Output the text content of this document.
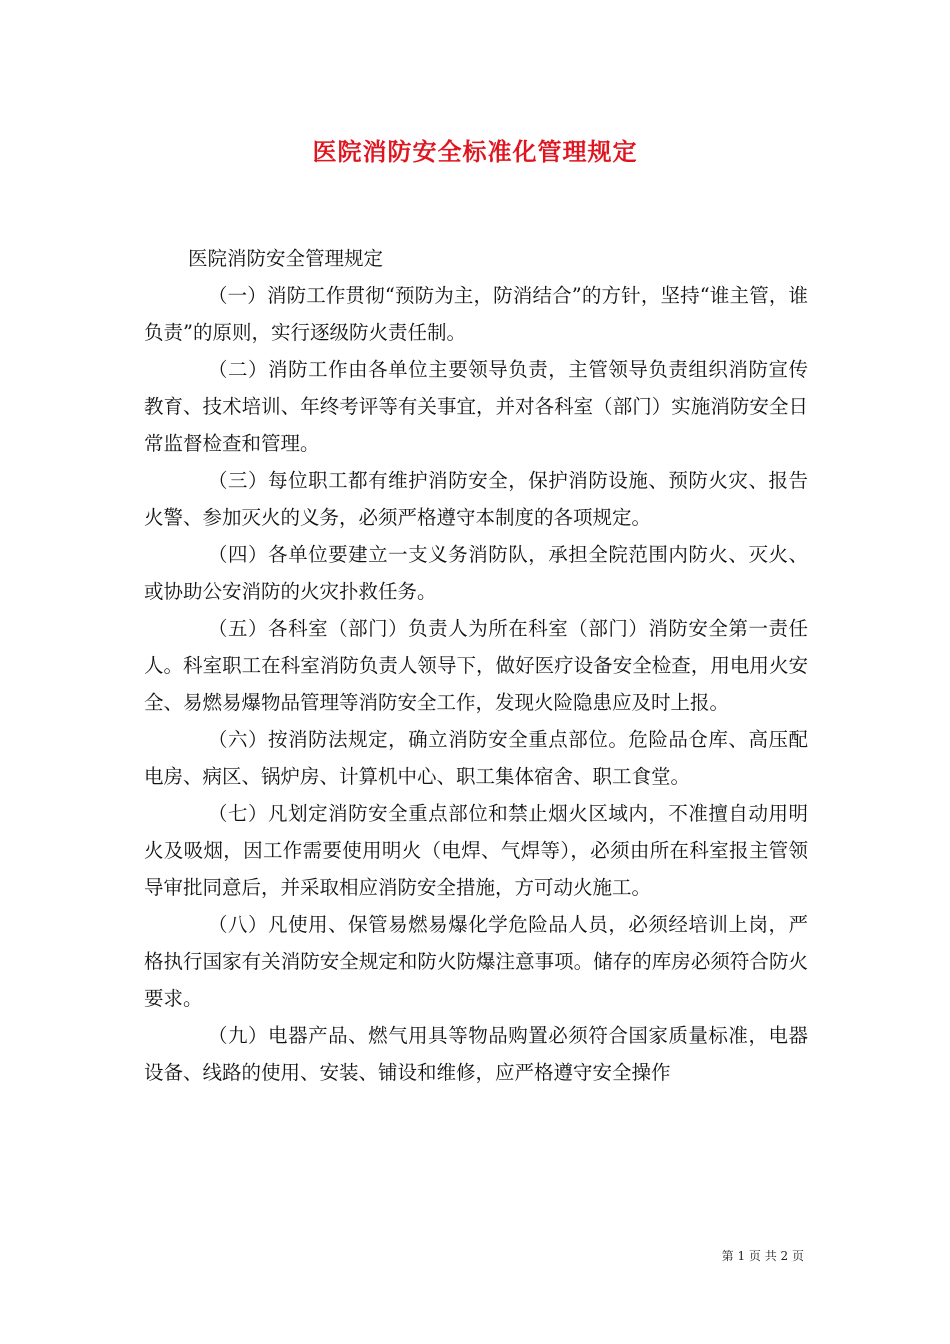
医院消防安全标准化管理规定

医院消防安全管理规定

（一）消防工作贯彻“预防为主，防消结合”的方针，坚持“谁主管，谁负责”的原则，实行逐级防火责任制。

（二）消防工作由各单位主要领导负责，主管领导负责组织消防宣传教育、技术培训、年终考评等有关事宜，并对各科室（部门）实施消防安全日常监督检查和管理。

（三）每位职工都有维护消防安全，保护消防设施、预防火灾、报告火警、参加灭火的义务，必须严格遵守本制度的各项规定。

（四）各单位要建立一支义务消防队，承担全院范围内防火、灭火、或协助公安消防的火灾扑救任务。

（五）各科室（部门）负责人为所在科室（部门）消防安全第一责任人。科室职工在科室消防负责人领导下，做好医疗设备安全检查，用电用火安全、易燃易爆物品管理等消防安全工作，发现火险隐患应及时上报。

（六）按消防法规定，确立消防安全重点部位。危险品仓库、高压配电房、病区、锅炉房、计算机中心、职工集体宿舍、职工食堂。

（七）凡划定消防安全重点部位和禁止烟火区域内，不准擅自动用明火及吸烟，因工作需要使用明火（电焊、气焊等），必须由所在科室报主管领导审批同意后，并采取相应消防安全措施，方可动火施工。

（八）凡使用、保管易燃易爆化学危险品人员，必须经培训上岗，严格执行国家有关消防安全规定和防火防爆注意事项。储存的库房必须符合防火要求。

（九）电器产品、燃气用具等物品购置必须符合国家质量标准，电器设备、线路的使用、安装、铺设和维修，应严格遵守安全操作

第 1 页 共 2 页
